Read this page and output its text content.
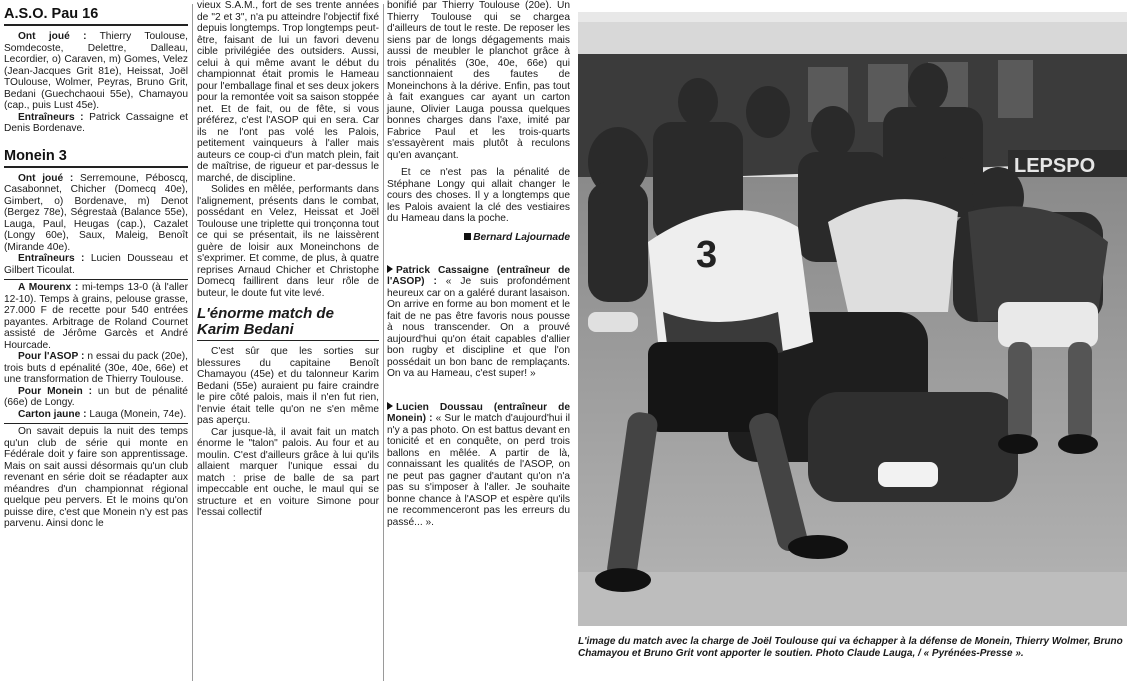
A.S.O. Pau 16

Ont joué : Thierry Toulouse, Somdecoste, Delettre, Dalleau, Lecordier, o) Caraven, m) Gomes, Velez (Jean-Jacques Grit 81e), Heissat, Joël TOulouse, Wolmer, Peyras, Bruno Grit, Bedani (Guechchaoui 55e), Chamayou (cap., puis Lust 45e).

Entraîneurs : Patrick Cassaigne et Denis Bordenave.

Monein 3

Ont joué : Serremoune, Péboscq, Casabonnet, Chicher (Domecq 40e), Gimbert, o) Bordenave, m) Denot (Bergez 78e), Ségrestaà (Balance 55e), Lauga, Paul, Heugas (cap.), Cazalet (Longy 60e), Saux, Maleig, Benoît (Mirande 40e).

Entraîneurs : Lucien Dousseau et Gilbert Ticoulat.

A Mourenx : mi-temps 13-0 (à l'aller 12-10). Temps à grains, pelouse grasse, 27.000 F de recette pour 540 entrées payantes. Arbitrage de Roland Cournet assisté de Jérôme Garcès et André Hourcade.

Pour l'ASOP : n essai du pack (20e), trois buts d epénalité (30e, 40e, 66e) et une transformation de Thierry Toulouse.

Pour Monein : un but de pénalité (66e) de Longy.

Carton jaune : Lauga (Monein, 74e).

On savait depuis la nuit des temps qu'un club de série qui monte en Fédérale doit y faire son apprentissage. Mais on sait aussi désormais qu'un club revenant en série doit se réadapter aux méandres d'un championnat régional quelque peu pervers. Et le moins qu'on puisse dire, c'est que Monein n'y est pas parvenu. Ainsi donc le

vieux S.A.M., fort de ses trente années de "2 et 3", n'a pu atteindre l'objectif fixé depuis longtemps. Trop longtemps peut-être, faisant de lui un favori devenu cible privilégiée des outsiders. Aussi, celui à qui même avant le début du championnat était promis le Hameau pour l'emballage final et ses deux jokers pour la remontée voit sa saison stoppée net. Et de fait, ou de fête, si vous préférez, c'est l'ASOP qui en sera. Car ils ne l'ont pas volé les Palois, petitement vainqueurs à l'aller mais auteurs ce coup-ci d'un match plein, fait de maîtrise, de rigueur et par-dessus le marché, de discipline.

Solides en mêlée, performants dans l'alignement, présents dans le combat, possédant en Velez, Heissat et Joël Toulouse une triplette qui tronçonna tout ce qui se présentait, ils ne laissèrent guère de loisir aux Moneinchons de s'exprimer. Et comme, de plus, à quatre reprises Arnaud Chicher et Christophe Domecq faillirent dans leur rôle de buteur, le doute fut vite levé.

L'énorme match de Karim Bedani

C'est sûr que les sorties sur blessures du capitaine Benoît Chamayou (45e) et du talonneur Karim Bedani (55e) auraient pu faire craindre le pire côté palois, mais il n'en fut rien, l'envie était telle qu'on ne s'en même pas aperçu.

Car jusque-là, il avait fait un match énorme le "talon" palois. Au four et au moulin. C'est d'ailleurs grâce à lui qu'ils allaient marquer l'unique essai du match : prise de balle de sa part impeccable ent ouche, le maul qui se structure et en voiture Simone pour l'essai collectif

bonifié par Thierry Toulouse (20e). Un Thierry Toulouse qui se chargea d'ailleurs de tout le reste. De reposer les siens par de longs dégagements mais aussi de meubler le planchot grâce à trois pénalités (30e, 40e, 66e) qui sanctionnaient des fautes de Moneinchons à la dérive. Enfin, pas tout à fait exangues car ayant un carton jaune, Olivier Lauga poussa quelques bonnes charges dans l'axe, imité par Fabrice Paul et les trois-quarts s'essayèrent mais plutôt à reculons qu'en avançant.

Et ce n'est pas la pénalité de Stéphane Longy qui allait changer le cours des choses. Il y a longtemps que les Palois avaient la clé des vestiaires du Hameau dans la poche.

Bernard Lajournade

Patrick Cassaigne (entraîneur de l'ASOP) : « Je suis profondément heureux car on a galéré durant lasaison. On arrive en forme au bon moment et le fait de ne pas être favoris nous pousse à nous transcender. On a prouvé aujourd'hui qu'on était capables d'allier bon rugby et discipline et que l'on possédait un bon banc de remplaçants. On va au Hameau, c'est super! »

Lucien Doussau (entraîneur de Monein) : « Sur le match d'aujourd'hui il n'y a pas photo. On est battus devant en tonicité et en conquête, on perd trois ballons en mêlée. A partir de là, connaissant les qualités de l'ASOP, on ne peut pas gagner d'autant qu'on n'a pas su s'imposer à l'aller. Je souhaite bonne chance à l'ASOP et espère qu'ils ne recommenceront pas les erreurs du passé... ».

LEPSPO
3
L'image du match avec la charge de Joël Toulouse qui va échapper à la défense de Monein, Thierry Wolmer, Bruno Chamayou et Bruno Grit vont apporter le soutien. Photo Claude Lauga, / « Pyrénées-Presse ».
